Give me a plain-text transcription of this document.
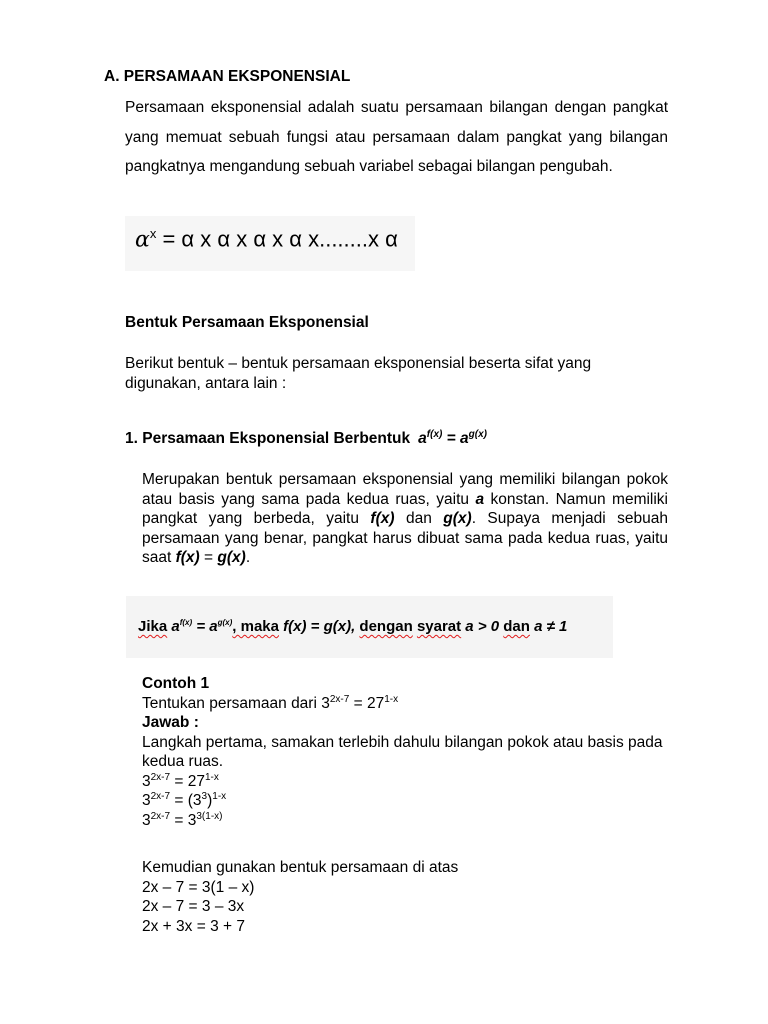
A. PERSAMAAN EKSPONENSIAL
Persamaan eksponensial adalah suatu persamaan bilangan dengan pangkat yang memuat sebuah fungsi atau persamaan dalam pangkat yang bilangan pangkatnya mengandung sebuah variabel sebagai bilangan pengubah.
$\alpha^x = \alpha$ x α x α x α x........x α
Bentuk Persamaan Eksponensial
Berikut bentuk – bentuk persamaan eksponensial beserta sifat yang
digunakan, antara lain :
1. Persamaan Eksponensial Berbentuk $a^{f(x)} = a^{g(x)}$
Merupakan bentuk persamaan eksponensial yang memiliki bilangan pokok atau basis yang sama pada kedua ruas, yaitu a konstan. Namun memiliki pangkat yang berbeda, yaitu f(x) dan g(x). Supaya menjadi sebuah persamaan yang benar, pangkat harus dibuat sama pada kedua ruas, yaitu saat f(x) = g(x).
Jika $a^{f(x)} = a^{g(x)}$, maka f(x) = g(x), dengan syarat a > 0 dan a ≠ 1
Contoh 1
Tentukan persamaan dari $3^{2x-7} = 27^{1-x}$
Jawab :
Langkah pertama, samakan terlebih dahulu bilangan pokok atau basis pada kedua ruas.
$3^{2x-7} = 27^{1-x}$
$3^{2x-7} = (3^3)^{1-x}$
$3^{2x-7} = 3^{3(1-x)}$
Kemudian gunakan bentuk persamaan di atas
2x – 7 = 3(1 – x)
2x – 7 = 3 – 3x
2x + 3x = 3 + 7
